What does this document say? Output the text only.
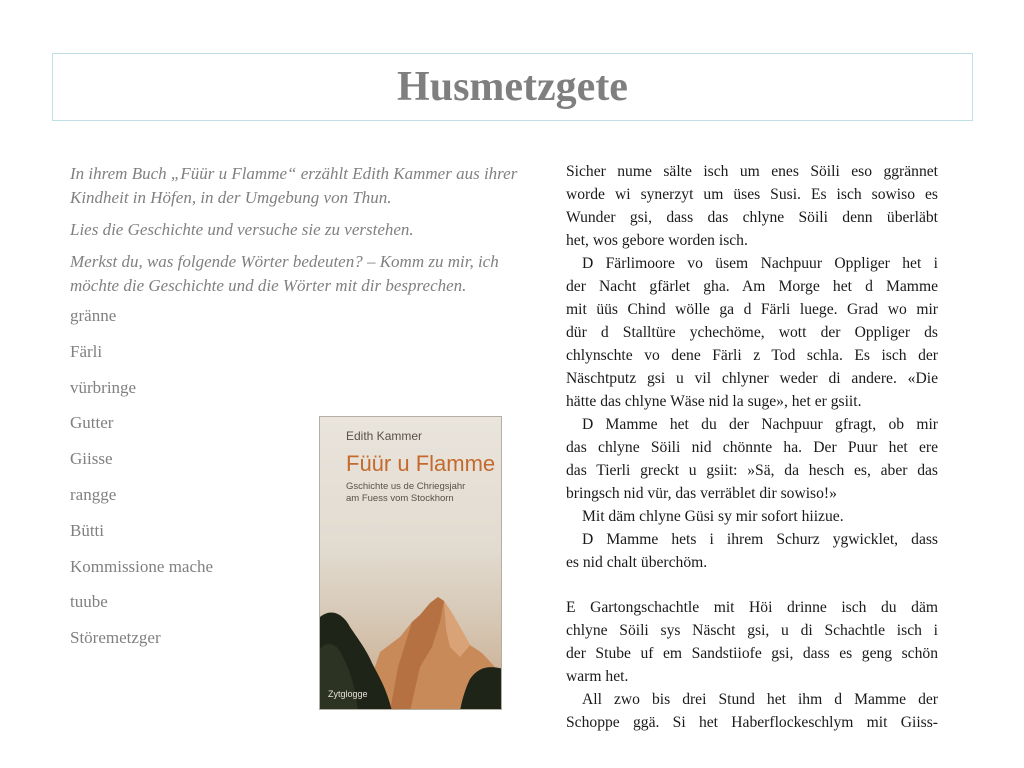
Husmetzgete

In ihrem Buch „Füür u Flamme“ erzählt Edith Kammer aus ihrer Kindheit in Höfen, in der Umgebung von Thun.

Lies die Geschichte und versuche sie zu verstehen.

Merkst du, was folgende Wörter bedeuten? – Komm zu mir, ich möchte die Geschichte und die Wörter mit dir besprechen.

gränne
Färli
vürbringe
Gutter
Giisse
rangge
Bütti
Kommissione mache
tuube
Störemetzger
Edith Kammer
Füür u Flamme
Gschichte us de Chriegsjahr
am Fuess vom Stockhorn
Zytglogge
Sicher nume sälte isch um enes Söili eso ggrännet
worde wi synerzyt um üses Susi. Es isch sowiso es
Wunder gsi, dass das chlyne Söili denn überläbt
het, wos gebore worden isch.
D Färlimoore vo üsem Nachpuur Oppliger het i
der Nacht gfärlet gha. Am Morge het d Mamme
mit üüs Chind wölle ga d Färli luege. Grad wo mir
dür d Stalltüre ychechöme, wott der Oppliger ds
chlynschte vo dene Färli z Tod schla. Es isch der
Näschtputz gsi u vil chlyner weder di andere. «Die
hätte das chlyne Wäse nid la suge», het er gsiit.
D Mamme het du der Nachpuur gfragt, ob mir
das chlyne Söili nid chönnte ha. Der Puur het ere
das Tierli greckt u gsiit: »Sä, da hesch es, aber das
bringsch nid vür, das verräblet dir sowiso!»
Mit däm chlyne Güsi sy mir sofort hiizue.
D Mamme hets i ihrem Schurz ygwicklet, dass
es nid chalt überchöm.
E Gartongschachtle mit Höi drinne isch du däm
chlyne Söili sys Näscht gsi, u di Schachtle isch i
der Stube uf em Sandstiiofe gsi, dass es geng schön
warm het.
All zwo bis drei Stund het ihm d Mamme der
Schoppe ggä. Si het Haberflockeschlym mit Giiss-
